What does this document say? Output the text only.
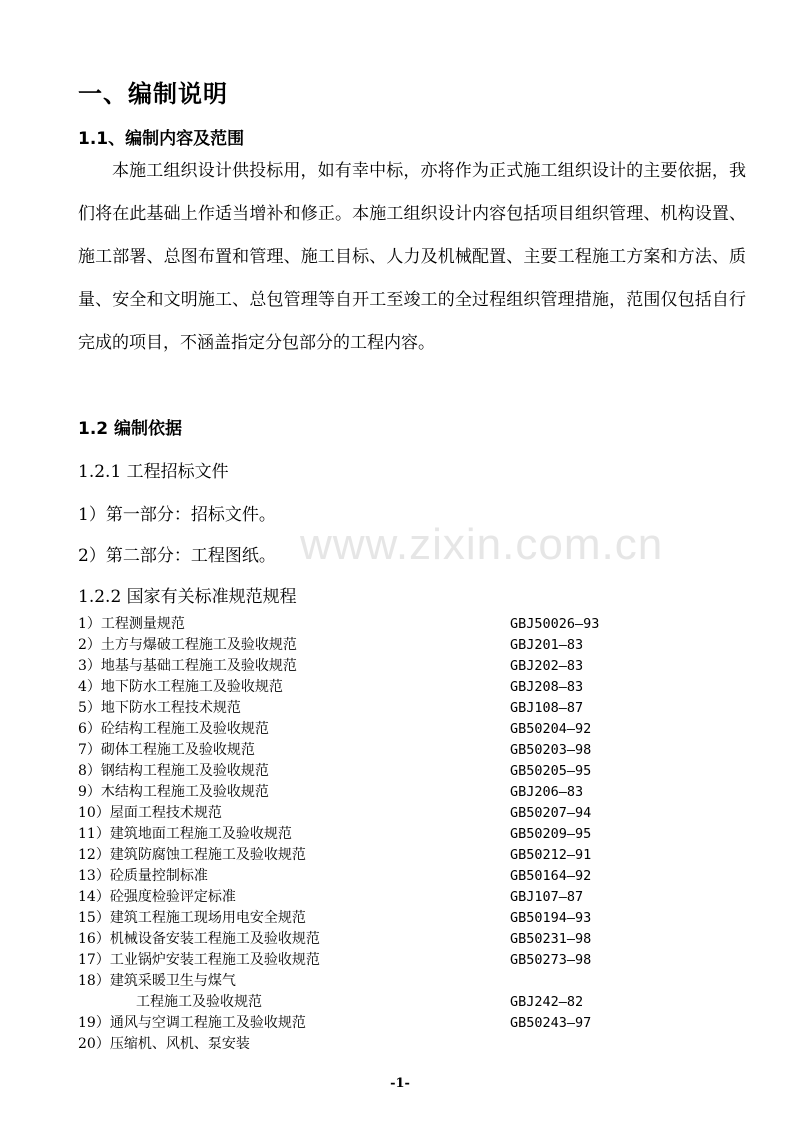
www.zixin.com.cn
一、编制说明
1.1、编制内容及范围
本施工组织设计供投标用，如有幸中标，亦将作为正式施工组织设计的主要依据，我们将在此基础上作适当增补和修正。本施工组织设计内容包括项目组织管理、机构设置、施工部署、总图布置和管理、施工目标、人力及机械配置、主要工程施工方案和方法、质量、安全和文明施工、总包管理等自开工至竣工的全过程组织管理措施，范围仅包括自行完成的项目，不涵盖指定分包部分的工程内容。
1.2 编制依据
1.2.1 工程招标文件
1）第一部分：招标文件。
2）第二部分：工程图纸。
1.2.2 国家有关标准规范规程
1）工程测量规范	GBJ50026—93
2）土方与爆破工程施工及验收规范	GBJ201—83
3）地基与基础工程施工及验收规范	GBJ202—83
4）地下防水工程施工及验收规范	GBJ208—83
5）地下防水工程技术规范	GBJ108—87
6）砼结构工程施工及验收规范	GB50204—92
7）砌体工程施工及验收规范	GB50203—98
8）钢结构工程施工及验收规范	GB50205—95
9）木结构工程施工及验收规范	GBJ206—83
10）屋面工程技术规范	GB50207—94
11）建筑地面工程施工及验收规范	GB50209—95
12）建筑防腐蚀工程施工及验收规范	GB50212—91
13）砼质量控制标准	GB50164—92
14）砼强度检验评定标准	GBJ107—87
15）建筑工程施工现场用电安全规范	GB50194—93
16）机械设备安装工程施工及验收规范	GB50231—98
17）工业锅炉安装工程施工及验收规范	GB50273—98
18）建筑采暖卫生与煤气
工程施工及验收规范	GBJ242—82
19）通风与空调工程施工及验收规范	GB50243—97
20）压缩机、风机、泵安装
-1-
